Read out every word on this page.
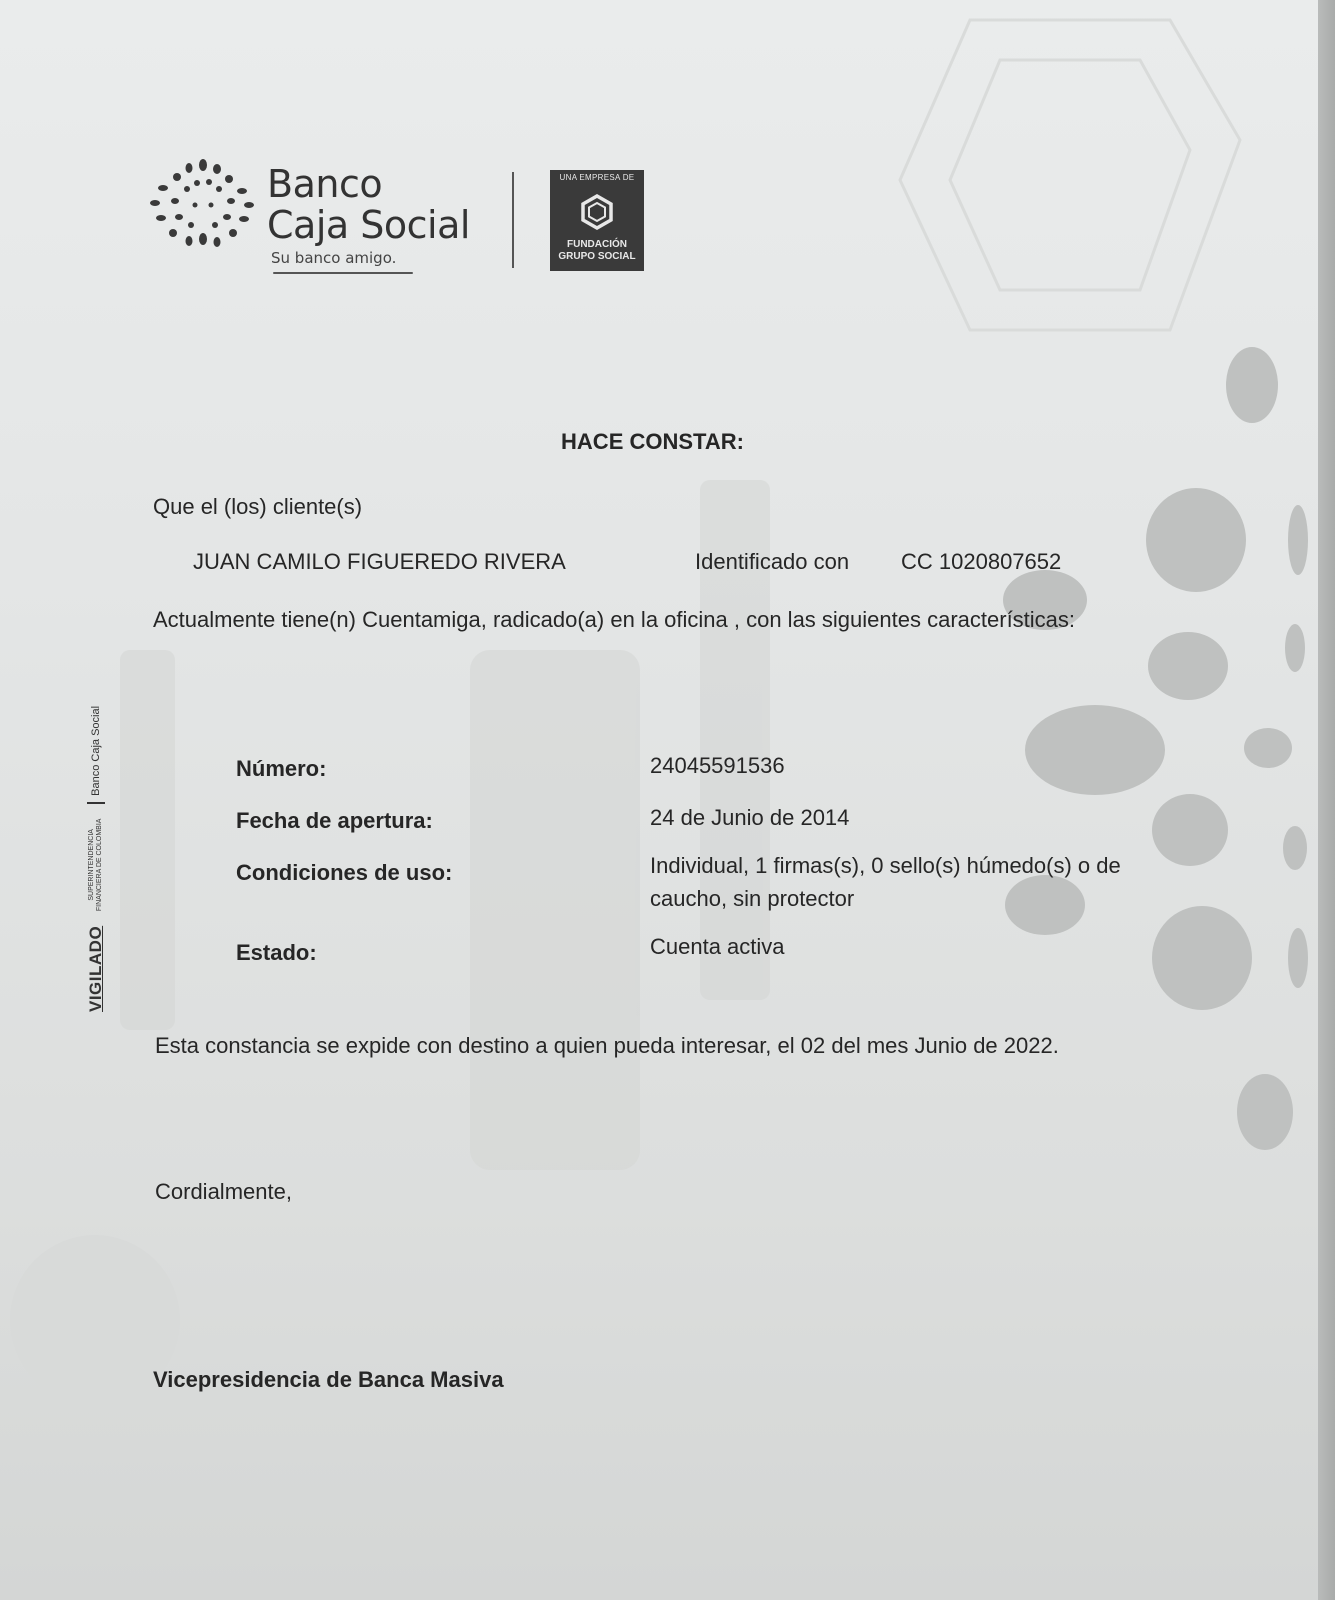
Banco
Caja Social
Su banco amigo.
UNA EMPRESA DE
FUNDACIÓN
GRUPO SOCIAL
VIGILADO
SUPERINTENDENCIA FINANCIERA DE COLOMBIA
Banco Caja Social
HACE CONSTAR:
Que el (los) cliente(s)
JUAN CAMILO FIGUEREDO RIVERA	Identificado con CC 1020807652
Actualmente tiene(n) Cuentamiga, radicado(a) en la oficina , con las siguientes características:
Número:	24045591536
Fecha de apertura:	24 de Junio de 2014
Condiciones de uso:	Individual, 1 firmas(s), 0 sello(s) húmedo(s) o de caucho, sin protector
Estado:	Cuenta activa
Esta constancia se expide con destino a quien pueda interesar, el 02 del mes Junio de 2022.
Cordialmente,
Vicepresidencia de Banca Masiva
